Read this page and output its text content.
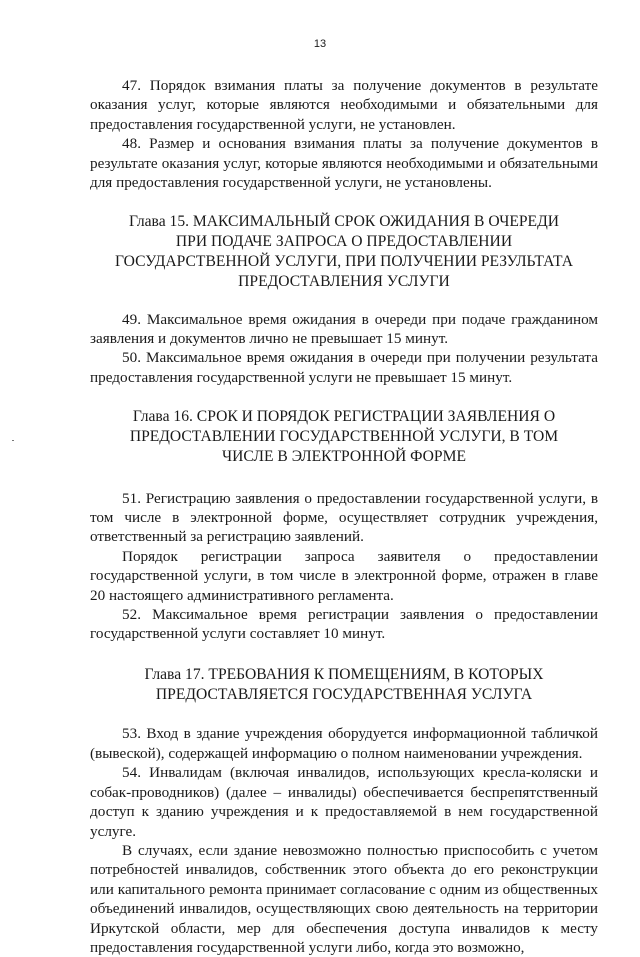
13

47. Порядок взимания платы за получение документов в результате оказания услуг, которые являются необходимыми и обязательными для предоставления государственной услуги, не установлен.

48. Размер и основания взимания платы за получение документов в результате оказания услуг, которые являются необходимыми и обязательными для предоставления государственной услуги, не установлены.

Глава 15. МАКСИМАЛЬНЫЙ СРОК ОЖИДАНИЯ В ОЧЕРЕДИ ПРИ ПОДАЧЕ ЗАПРОСА О ПРЕДОСТАВЛЕНИИ ГОСУДАРСТВЕННОЙ УСЛУГИ, ПРИ ПОЛУЧЕНИИ РЕЗУЛЬТАТА ПРЕДОСТАВЛЕНИЯ УСЛУГИ

49. Максимальное время ожидания в очереди при подаче гражданином заявления и документов лично не превышает 15 минут.

50. Максимальное время ожидания в очереди при получении результата предоставления государственной услуги не превышает 15 минут.

Глава 16. СРОК И ПОРЯДОК РЕГИСТРАЦИИ ЗАЯВЛЕНИЯ О ПРЕДОСТАВЛЕНИИ ГОСУДАРСТВЕННОЙ УСЛУГИ, В ТОМ ЧИСЛЕ В ЭЛЕКТРОННОЙ ФОРМЕ

51. Регистрацию заявления о предоставлении государственной услуги, в том числе в электронной форме, осуществляет сотрудник учреждения, ответственный за регистрацию заявлений.

Порядок регистрации запроса заявителя о предоставлении государственной услуги, в том числе в электронной форме, отражен в главе 20 настоящего административного регламента.

52. Максимальное время регистрации заявления о предоставлении государственной услуги составляет 10 минут.

Глава 17. ТРЕБОВАНИЯ К ПОМЕЩЕНИЯМ, В КОТОРЫХ ПРЕДОСТАВЛЯЕТСЯ ГОСУДАРСТВЕННАЯ УСЛУГА

53. Вход в здание учреждения оборудуется информационной табличкой (вывеской), содержащей информацию о полном наименовании учреждения.

54. Инвалидам (включая инвалидов, использующих кресла-коляски и собак-проводников) (далее – инвалиды) обеспечивается беспрепятственный доступ к зданию учреждения и к предоставляемой в нем государственной услуге.

В случаях, если здание невозможно полностью приспособить с учетом потребностей инвалидов, собственник этого объекта до его реконструкции или капитального ремонта принимает согласование с одним из общественных объединений инвалидов, осуществляющих свою деятельность на территории Иркутской области, мер для обеспечения доступа инвалидов к месту предоставления государственной услуги либо, когда это возможно,
